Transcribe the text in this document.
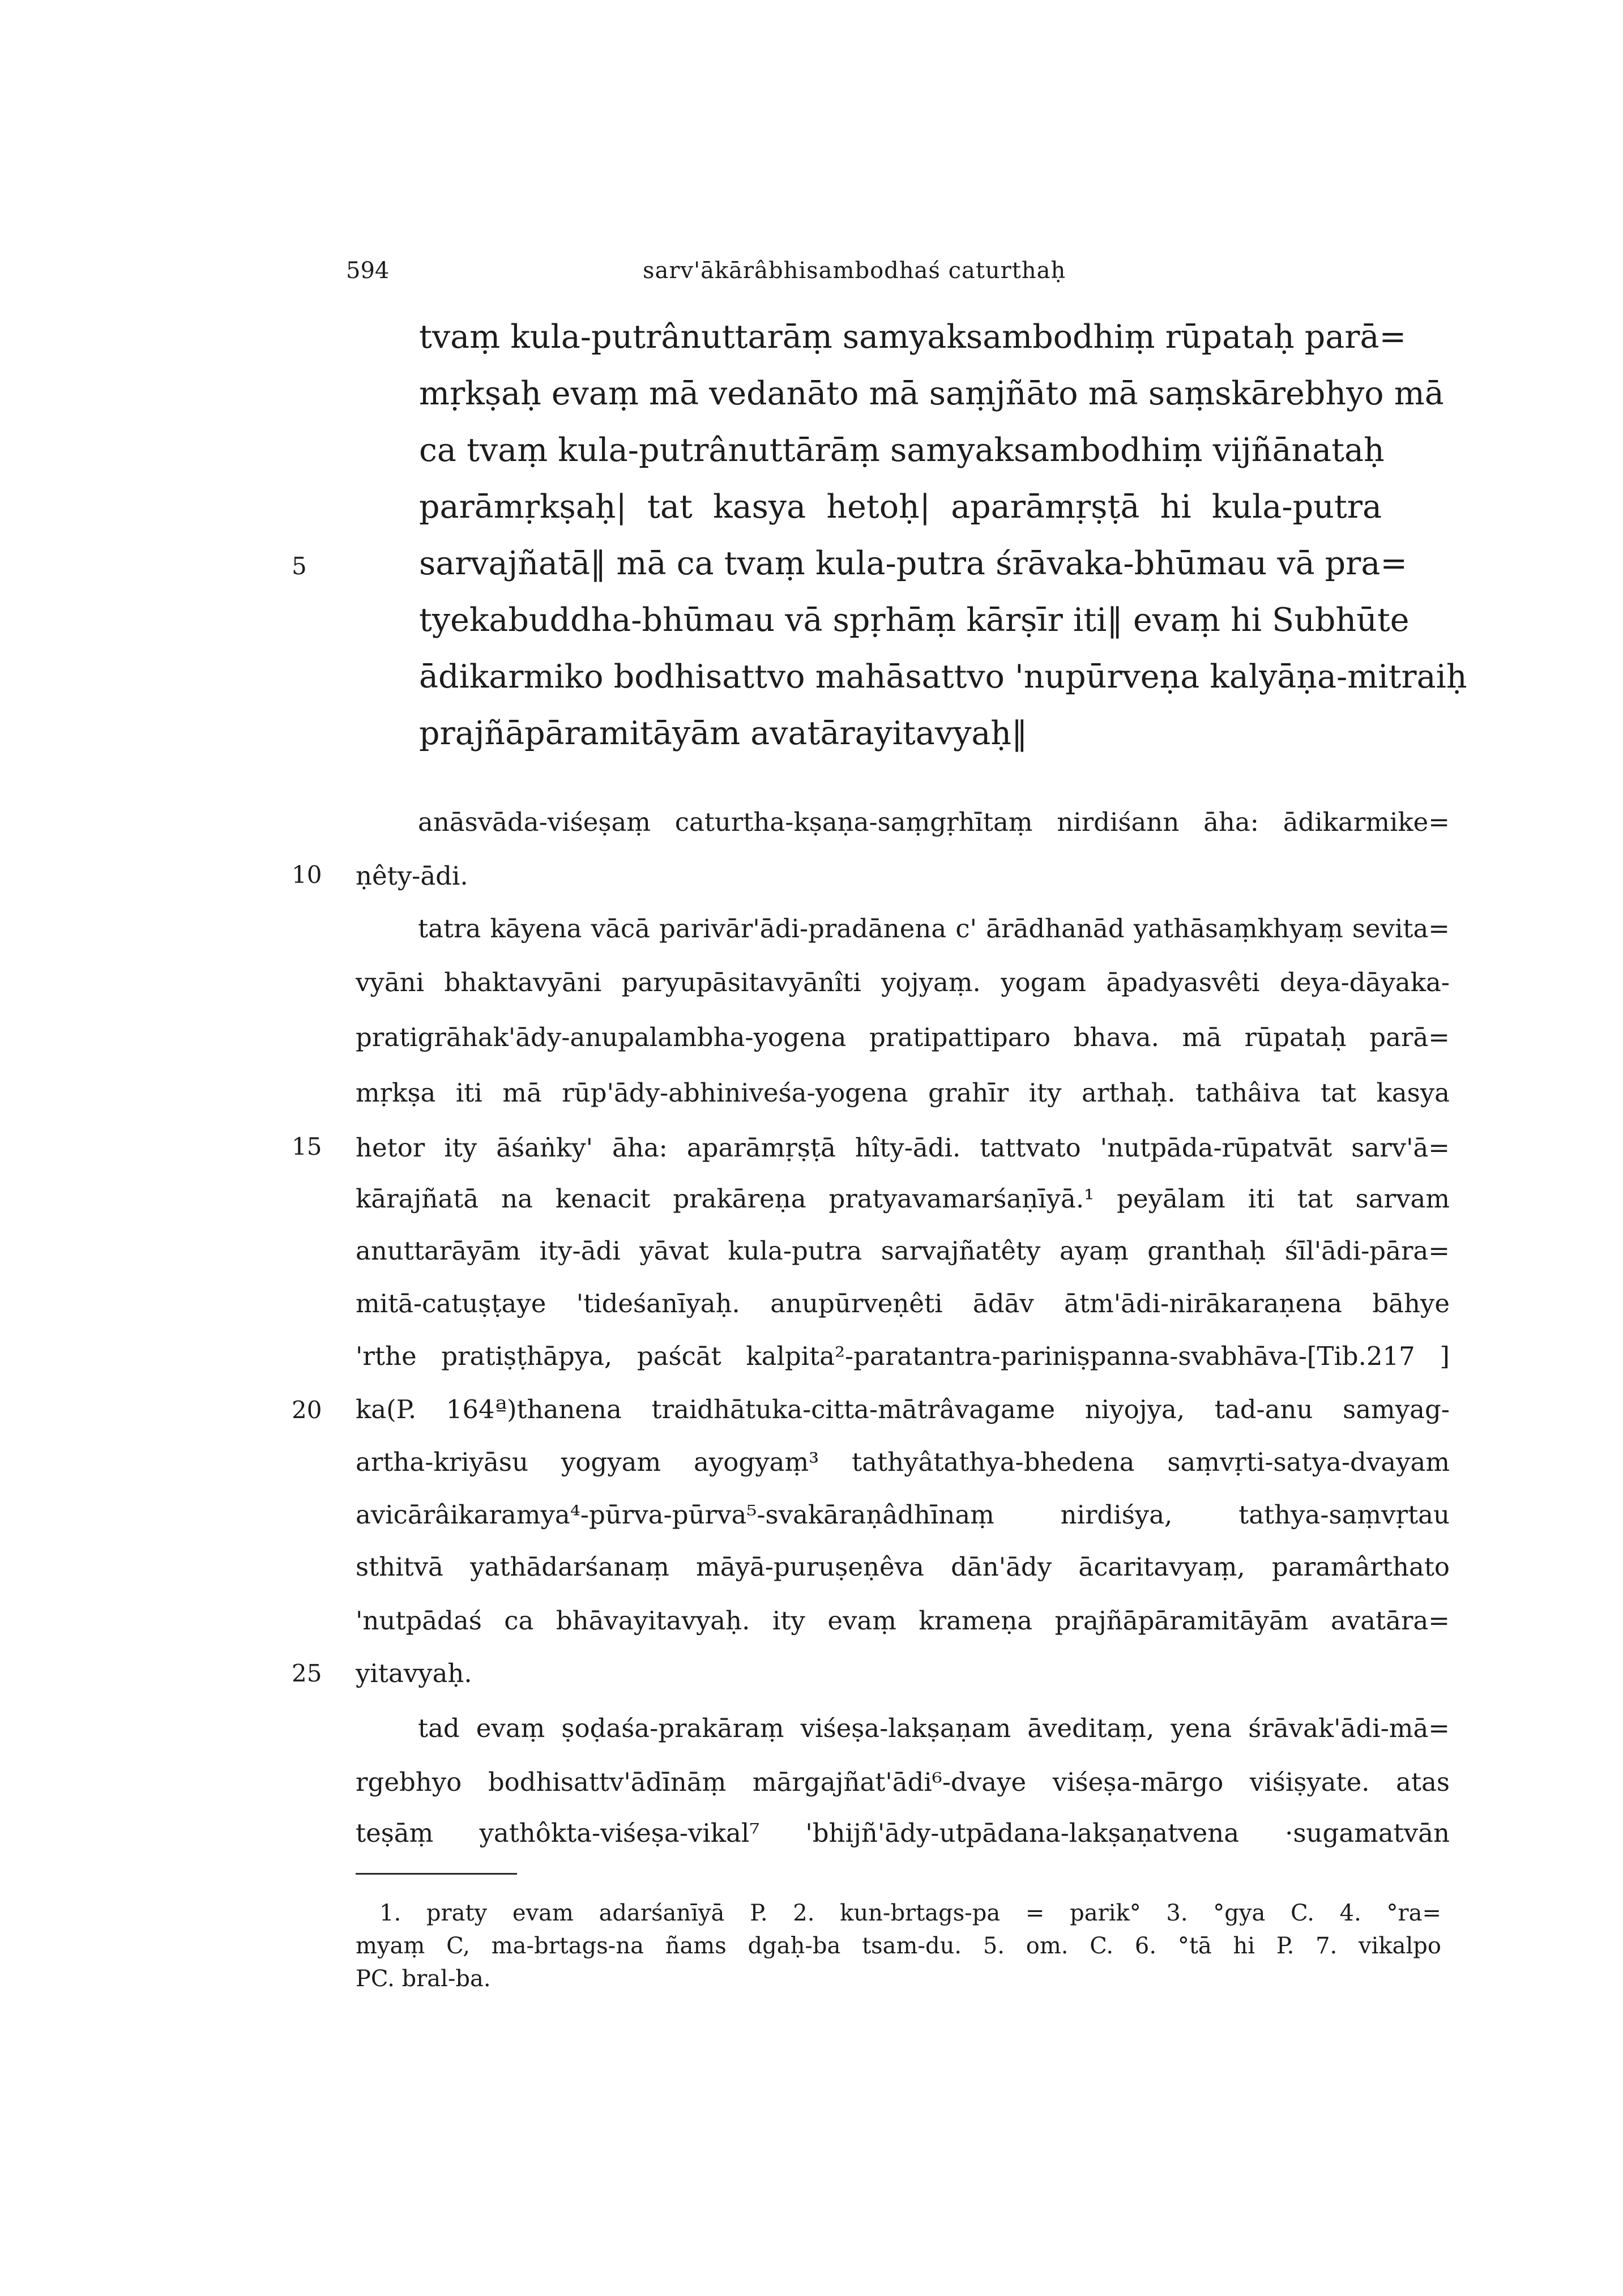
594	sarv'ākārâbhisambodhaś caturthaḥ
tvaṃ kula-putrânuttarāṃ samyaksambodhiṃ rūpataḥ parā=
mṛkṣaḥ evaṃ mā vedanāto mā saṃjñāto mā saṃskārebhyo mā
ca tvaṃ kula-putrânuttārāṃ samyaksambodhiṃ vijñānataḥ
parāmṛkṣaḥ| tat kasya hetoḥ| aparāmṛṣṭā hi kula-putra
sarvajñatā‖ mā ca tvaṃ kula-putra śrāvaka-bhūmau vā pra=
tyekabuddha-bhūmau vā spṛhāṃ kārṣīr iti‖ evaṃ hi Subhūte
ādikarmiko bodhisattvo mahāsattvo 'nupūrveṇa kalyāṇa-mitraiḥ
prajñāpāramitāyām avatārayitavyaḥ‖
5
10
15
20
25
anāsvāda-viśeṣaṃ caturtha-kṣaṇa-saṃgṛhītaṃ nirdiśann āha: ādikarmike=
ṇêty-ādi.
tatra kāyena vācā parivār'ādi-pradānena c' ārādhanād yathāsaṃkhyaṃ sevita=
vyāni bhaktavyāni paryupāsitavyānîti yojyaṃ. yogam āpadyasvêti deya-dāyaka-
pratigrāhak'ādy-anupalambha-yogena pratipattiparo bhava. mā rūpataḥ parā=
mṛkṣa iti mā rūp'ādy-abhiniveśa-yogena grahīr ity arthaḥ. tathâiva tat kasya
hetor ity āśaṅky' āha: aparāmṛṣṭā hîty-ādi. tattvato 'nutpāda-rūpatvāt sarv'ā=
kārajñatā na kenacit prakāreṇa pratyavamarśaṇīyā.¹ peyālam iti tat sarvam
anuttarāyām ity-ādi yāvat kula-putra sarvajñatêty ayaṃ granthaḥ śīl'ādi-pāra=
mitā-catuṣṭaye 'tideśanīyaḥ. anupūrveṇêti ādāv ātm'ādi-nirākaraṇena bāhye
'rthe pratiṣṭhāpya, paścāt kalpita²-paratantra-pariniṣpanna-svabhāva-[Tib.217 ]
ka(P. 164ª)thanena traidhātuka-citta-mātrâvagame niyojya, tad-anu samyag-
artha-kriyāsu yogyam ayogyaṃ³ tathyâtathya-bhedena saṃvṛti-satya-dvayam
avicārâikaramya⁴-pūrva-pūrva⁵-svakāraṇâdhīnaṃ nirdiśya, tathya-saṃvṛtau
sthitvā yathādarśanaṃ māyā-puruṣeṇêva dān'ādy ācaritavyaṃ, paramârthato
'nutpādaś ca bhāvayitavyaḥ. ity evaṃ krameṇa prajñāpāramitāyām avatāra=
yitavyaḥ.
tad evaṃ ṣoḍaśa-prakāraṃ viśeṣa-lakṣaṇam āveditaṃ, yena śrāvak'ādi-mā=
rgebhyo bodhisattv'ādīnāṃ mārgajñat'ādi⁶-dvaye viśeṣa-mārgo viśiṣyate. atas
teṣāṃ yathôkta-viśeṣa-vikal⁷ 'bhijñ'ādy-utpādana-lakṣaṇatvena ·sugamatvān
1. praty evam adarśanīyā P. 2. kun-brtags-pa = parik° 3. °gya C. 4. °ra=
myaṃ C, ma-brtags-na ñams dgaḥ-ba tsam-du. 5. om. C. 6. °tā hi P. 7. vikalpo
PC. bral-ba.
